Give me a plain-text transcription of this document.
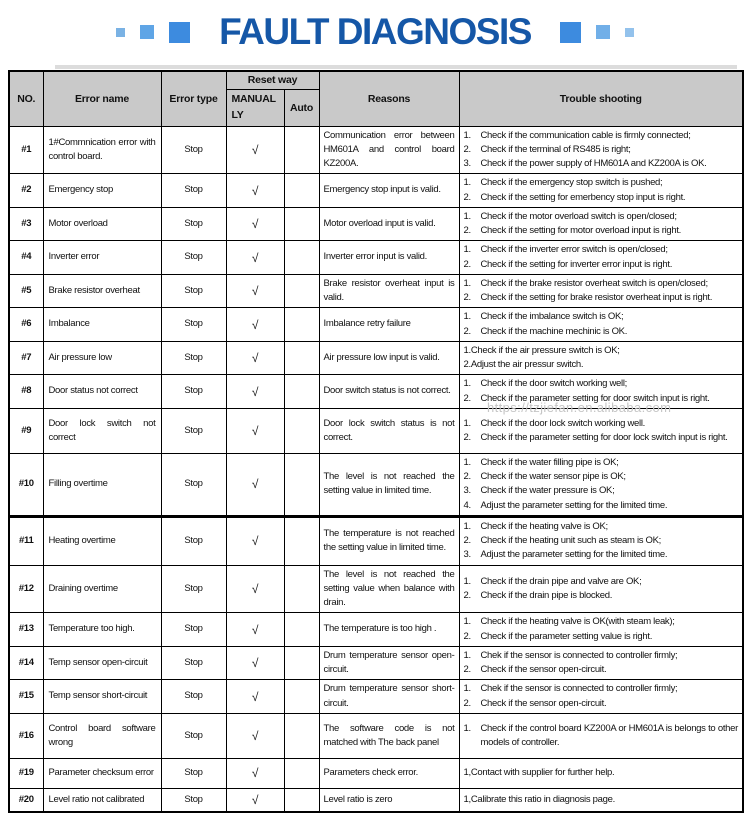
FAULT DIAGNOSIS
NO.	Error name	Error type	Reset way		Reasons	Trouble shooting
			MANUALLY	Auto		
#1	1#Commnication error with control board.	Stop	√		Communication error between HM601A and control board KZ200A.	
1.	Check if the communication cable is firmly connected;
2.	Check if the terminal of RS485 is right;
3.	Check if the power supply of HM601A and KZ200A is OK.

#2	Emergency stop	Stop	√		Emergency stop input is valid.	1. Check if the emergency stop switch is pushed;
2. Check if the setting for emerbency stop input is right.

#3	Motor overload	Stop	√		Motor overload input is valid.	1. Check if the motor overload switch is open/closed;
2. Check if the setting for motor overload input is right.

#4	Inverter error	Stop	√		Inverter error input is valid.	1. Check if the inverter error switch is open/closed;
2. Check if the setting for inverter error input is right.

#5	Brake resistor overheat	Stop	√		Brake resistor overheat input is valid.	1. Check if the brake resistor overheat switch is open/closed;
2. Check if the setting for brake resistor overheat input is right.

#6	Imbalance	Stop	√		Imbalance retry failure	1. Check if the imbalance switch is OK;
2. Check if the machine mechinic is OK.

#7	Air pressure low	Stop	√		Air pressure low input is valid.	1.Check if the air pressure switch is OK;
2.Adjust the air pressur switch.

#8	Door status not correct	Stop	√		Door switch status is not correct.	1. Check if the door switch working well;
2. Check if the parameter setting for door switch input is right.

#9	Door lock switch not correct	Stop	√		Door lock switch status is not correct.	1. Check if the door lock switch working well.
2. Check if the parameter setting for door lock switch input is right.

#10	Filling overtime	Stop	√		The level is not reached the setting value in limited time.	
1.	Check if the water filling pipe is OK;
2.	Check if the water sensor pipe is OK;
3.	Check if the water pressure is OK;
4.	Adjust the parameter setting for the limited time.

#11	Heating overtime	Stop	√		The temperature is not reached the setting value in limited time.	
1.	Check if the heating valve is OK;
2.	Check if the heating unit such as steam is OK;
3.	Adjust the parameter setting for the limited time.

#12	Draining overtime	Stop	√		The level is not reached the setting value when balance with drain.	1. Check if the drain pipe and valve are OK;
2. Check if the drain pipe is blocked.

#13	Temperature too high.	Stop	√		The temperature is too high .	1. Check if the heating valve is OK(with steam leak);
2. Check if the parameter setting value is right.

#14	Temp sensor open-circuit	Stop	√		Drum temperature sensor open-circuit.	1. Chek if the sensor is connected to controller firmly;
2. Check if the sensor open-circuit.

#15	Temp sensor short-circuit	Stop	√		Drum temperature sensor short-circuit.	1. Chek if the sensor is connected to controller firmly;
2. Check if the sensor open-circuit.

#16	Control board software wrong	Stop	√		The software code is not matched with The back panel	1. Check if the control board KZ200A or HM601A is belongs to other models of controller.

#19	Parameter checksum error	Stop	√		Parameters check error.	1,Contact with supplier for further help.

#20	Level ratio not calibrated	Stop	√		Level ratio is zero	1,Calibrate this ratio in diagnosis page.
https://tzjiefan.en.alibaba.com
